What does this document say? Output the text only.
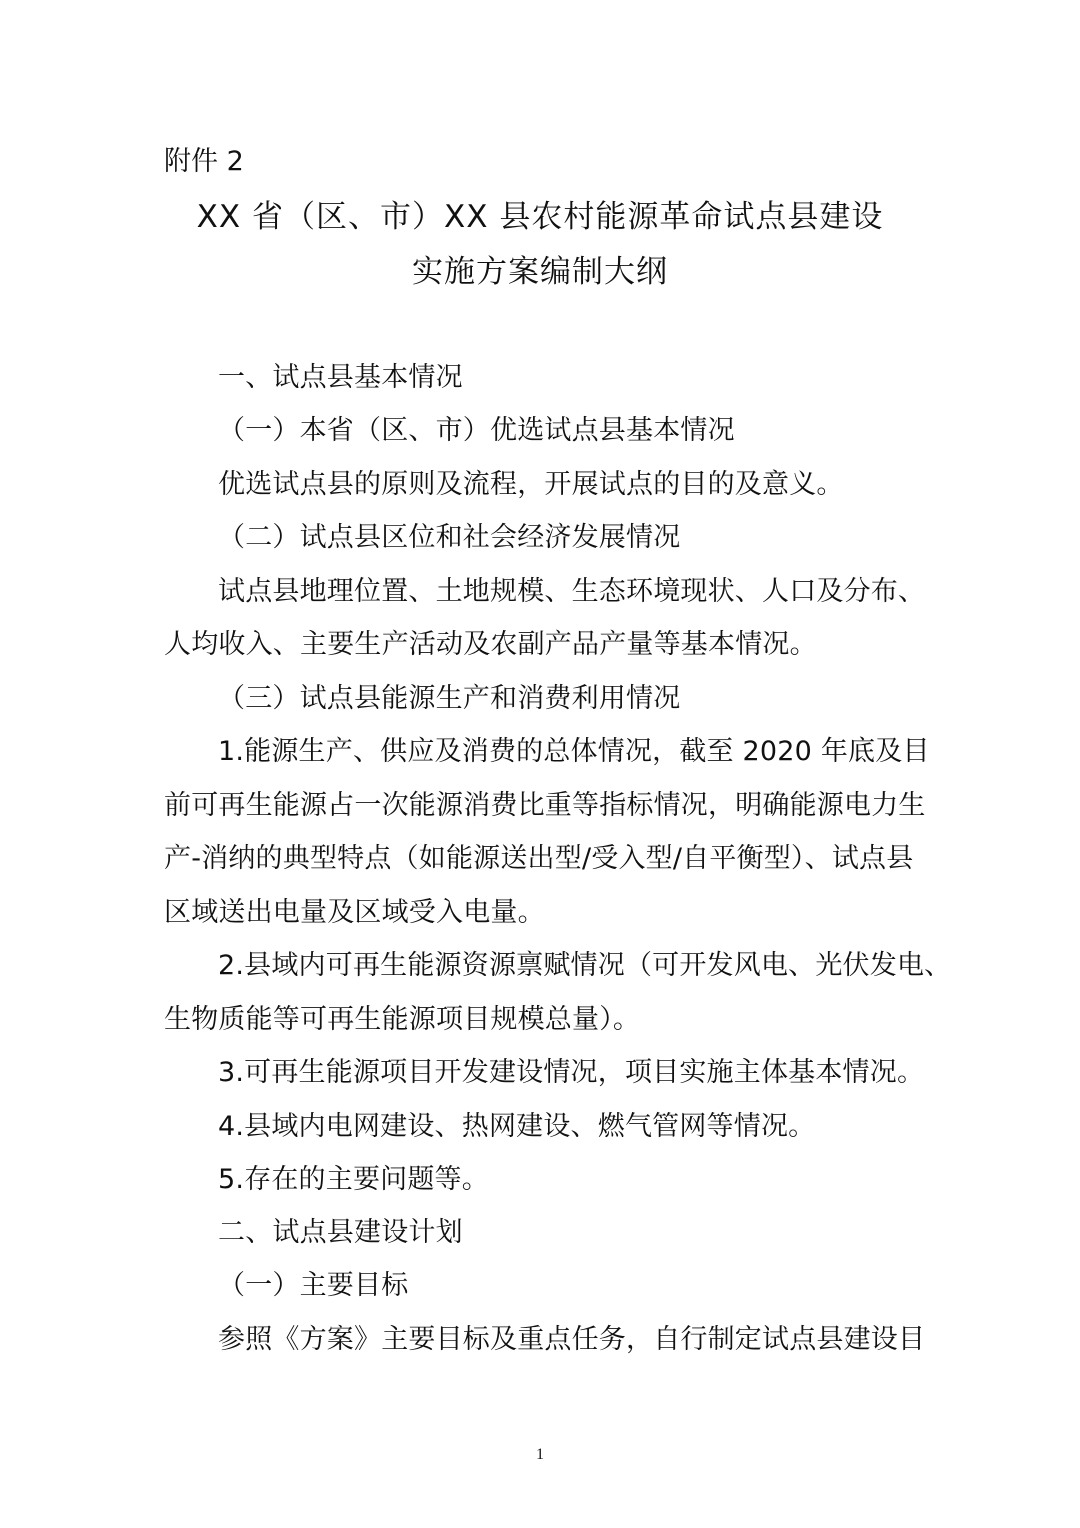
附件 2
XX 省（区、市）XX 县农村能源革命试点县建设
实施方案编制大纲
一、试点县基本情况
（一）本省（区、市）优选试点县基本情况
优选试点县的原则及流程，开展试点的目的及意义。
（二）试点县区位和社会经济发展情况
试点县地理位置、土地规模、生态环境现状、人口及分布、
人均收入、主要生产活动及农副产品产量等基本情况。
（三）试点县能源生产和消费利用情况
1.能源生产、供应及消费的总体情况，截至 2020 年底及目
前可再生能源占一次能源消费比重等指标情况，明确能源电力生
产-消纳的典型特点（如能源送出型/受入型/自平衡型）、试点县
区域送出电量及区域受入电量。
2.县域内可再生能源资源禀赋情况（可开发风电、光伏发电、
生物质能等可再生能源项目规模总量）。
3.可再生能源项目开发建设情况，项目实施主体基本情况。
4.县域内电网建设、热网建设、燃气管网等情况。
5.存在的主要问题等。
二、试点县建设计划
（一）主要目标
参照《方案》主要目标及重点任务，自行制定试点县建设目
1
